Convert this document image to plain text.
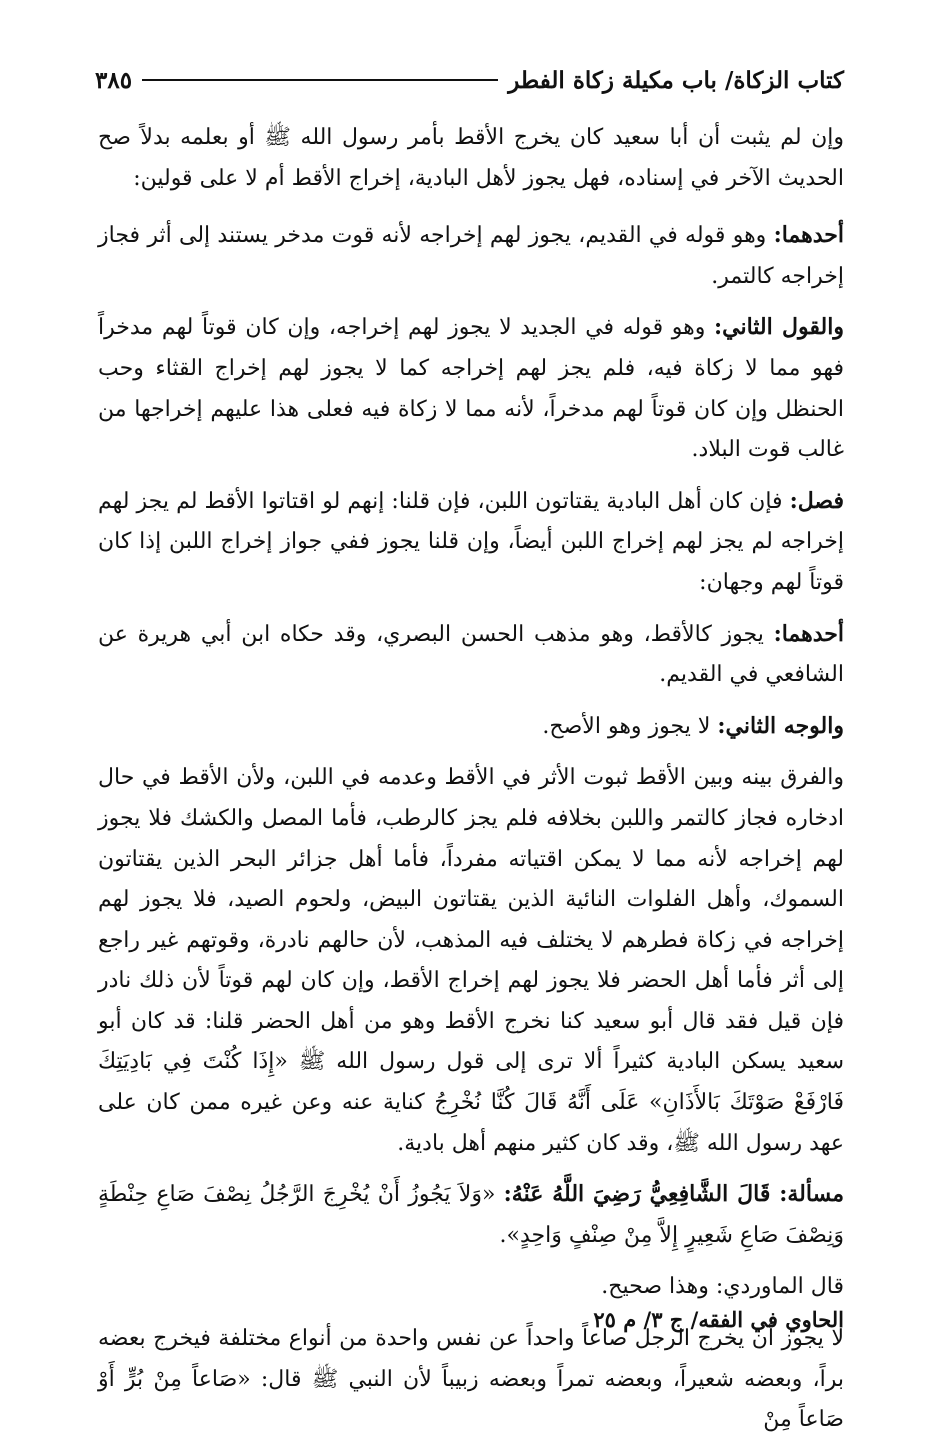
كتاب الزكاة/ باب مكيلة زكاة الفطر
٣٨٥

وإن لم يثبت أن أبا سعيد كان يخرج الأقط بأمر رسول الله ﷺ أو بعلمه بدلاً صح الحديث الآخر في إسناده، فهل يجوز لأهل البادية، إخراج الأقط أم لا على قولين:

أحدهما: وهو قوله في القديم، يجوز لهم إخراجه لأنه قوت مدخر يستند إلى أثر فجاز إخراجه كالتمر.

والقول الثاني: وهو قوله في الجديد لا يجوز لهم إخراجه، وإن كان قوتاً لهم مدخراً فهو مما لا زكاة فيه، فلم يجز لهم إخراجه كما لا يجوز لهم إخراج القثاء وحب الحنظل وإن كان قوتاً لهم مدخراً، لأنه مما لا زكاة فيه فعلى هذا عليهم إخراجها من غالب قوت البلاد.

فصل: فإن كان أهل البادية يقتاتون اللبن، فإن قلنا: إنهم لو اقتاتوا الأقط لم يجز لهم إخراجه لم يجز لهم إخراج اللبن أيضاً، وإن قلنا يجوز ففي جواز إخراج اللبن إذا كان قوتاً لهم وجهان:

أحدهما: يجوز كالأقط، وهو مذهب الحسن البصري، وقد حكاه ابن أبي هريرة عن الشافعي في القديم.

والوجه الثاني: لا يجوز وهو الأصح.

والفرق بينه وبين الأقط ثبوت الأثر في الأقط وعدمه في اللبن، ولأن الأقط في حال ادخاره فجاز كالتمر واللبن بخلافه فلم يجز كالرطب، فأما المصل والكشك فلا يجوز لهم إخراجه لأنه مما لا يمكن اقتياته مفرداً، فأما أهل جزائر البحر الذين يقتاتون السموك، وأهل الفلوات النائية الذين يقتاتون البيض، ولحوم الصيد، فلا يجوز لهم إخراجه في زكاة فطرهم لا يختلف فيه المذهب، لأن حالهم نادرة، وقوتهم غير راجع إلى أثر فأما أهل الحضر فلا يجوز لهم إخراج الأقط، وإن كان لهم قوتاً لأن ذلك نادر فإن قيل فقد قال أبو سعيد كنا نخرج الأقط وهو من أهل الحضر قلنا: قد كان أبو سعيد يسكن البادية كثيراً ألا ترى إلى قول رسول الله ﷺ «إِذَا كُنْتَ فِي بَادِيَتِكَ فَارْفَعْ صَوْتَكَ بَالأَذَانِ» عَلَى أَنَّهُ قَالَ كُنَّا نُخْرِجُ كناية عنه وعن غيره ممن كان على عهد رسول الله ﷺ، وقد كان كثير منهم أهل بادية.

مسألة: قَالَ الشَّافِعِيُّ رَضِيَ اللَّهُ عَنْهُ: «وَلاَ يَجُوزُ أَنْ يُخْرِجَ الرَّجُلُ نِصْفَ صَاعِ حِنْطَةٍ وَنِصْفَ صَاعِ شَعِيرٍ إِلاَّ مِنْ صِنْفٍ وَاحِدٍ».

قال الماوردي: وهذا صحيح.

لا يجوز أن يخرج الرجل صاعاً واحداً عن نفس واحدة من أنواع مختلفة فيخرج بعضه براً، وبعضه شعيراً، وبعضه تمراً وبعضه زبيباً لأن النبي ﷺ قال: «صَاعاً مِنْ بُرٍّ أَوْ صَاعاً مِنْ

الحاوي في الفقه/ ج ٣/ م ٢٥
